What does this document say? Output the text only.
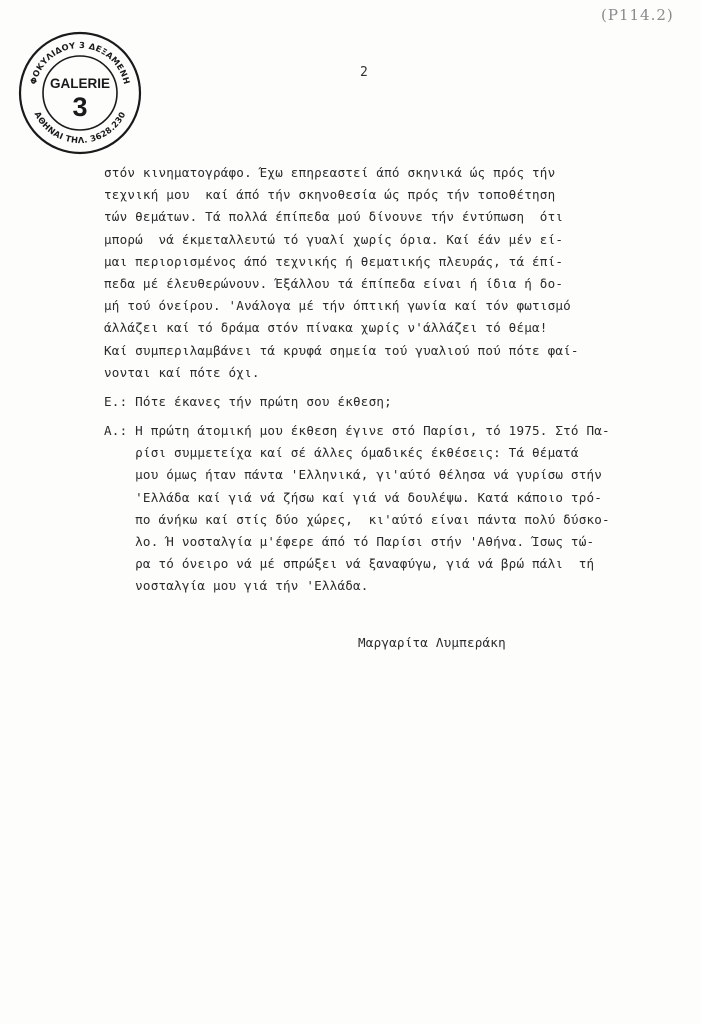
ΦΟΚΥΛΙΔΟΥ 3 ΔΕΞΑΜΕΝΗ
ΑΘΗΝΑΙ ΤΗΛ. 3628.230
GALERIE
3
(P114.2)
2
στόν κινηματογράφο. Έχω επηρεαστεί άπό σκηνικά ώς πρός τήν
τεχνική μου  καί άπό τήν σκηνοθεσία ώς πρός τήν τοποθέτηση
τών θεμάτων. Τά πολλά έπίπεδα μού δίνουνε τήν έντύπωση  ότι
μπορώ  νά έκμεταλλευτώ τό γυαλί χωρίς όρια. Καί έάν μέν εί-
μαι περιορισμένος άπό τεχνικής ή θεματικής πλευράς, τά έπί-
πεδα μέ έλευθερώνουν. Έξάλλου τά έπίπεδα είναι ή ίδια ή δο-
μή τού όνείρου. 'Ανάλογα μέ τήν όπτική γωνία καί τόν φωτισμό
άλλάζει καί τό δράμα στόν πίνακα χωρίς ν'άλλάζει τό θέμα!
Καί συμπεριλαμβάνει τά κρυφά σημεία τού γυαλιού πού πότε φαί-
νονται καί πότε όχι.
Ε.: Πότε έκανες τήν πρώτη σου έκθεση;
Α.: Η πρώτη άτομική μου έκθεση έγινε στό Παρίσι, τό 1975. Στό Πα-
ρίσι συμμετείχα καί σέ άλλες όμαδικές έκθέσεις: Τά θέματά
μου όμως ήταν πάντα 'Ελληνικά, γι'αύτό θέλησα νά γυρίσω στήν
'Ελλάδα καί γιά νά ζήσω καί γιά νά δουλέψω. Κατά κάποιο τρό-
πο άνήκω καί στίς δύο χώρες,  κι'αύτό είναι πάντα πολύ δύσκο-
λο. Ή νοσταλγία μ'έφερε άπό τό Παρίσι στήν 'Αθήνα. Ίσως τώ-
ρα τό όνειρο νά μέ σπρώξει νά ξαναφύγω, γιά νά βρώ πάλι  τή
νοσταλγία μου γιά τήν 'Ελλάδα.
Μαργαρίτα Λυμπεράκη
